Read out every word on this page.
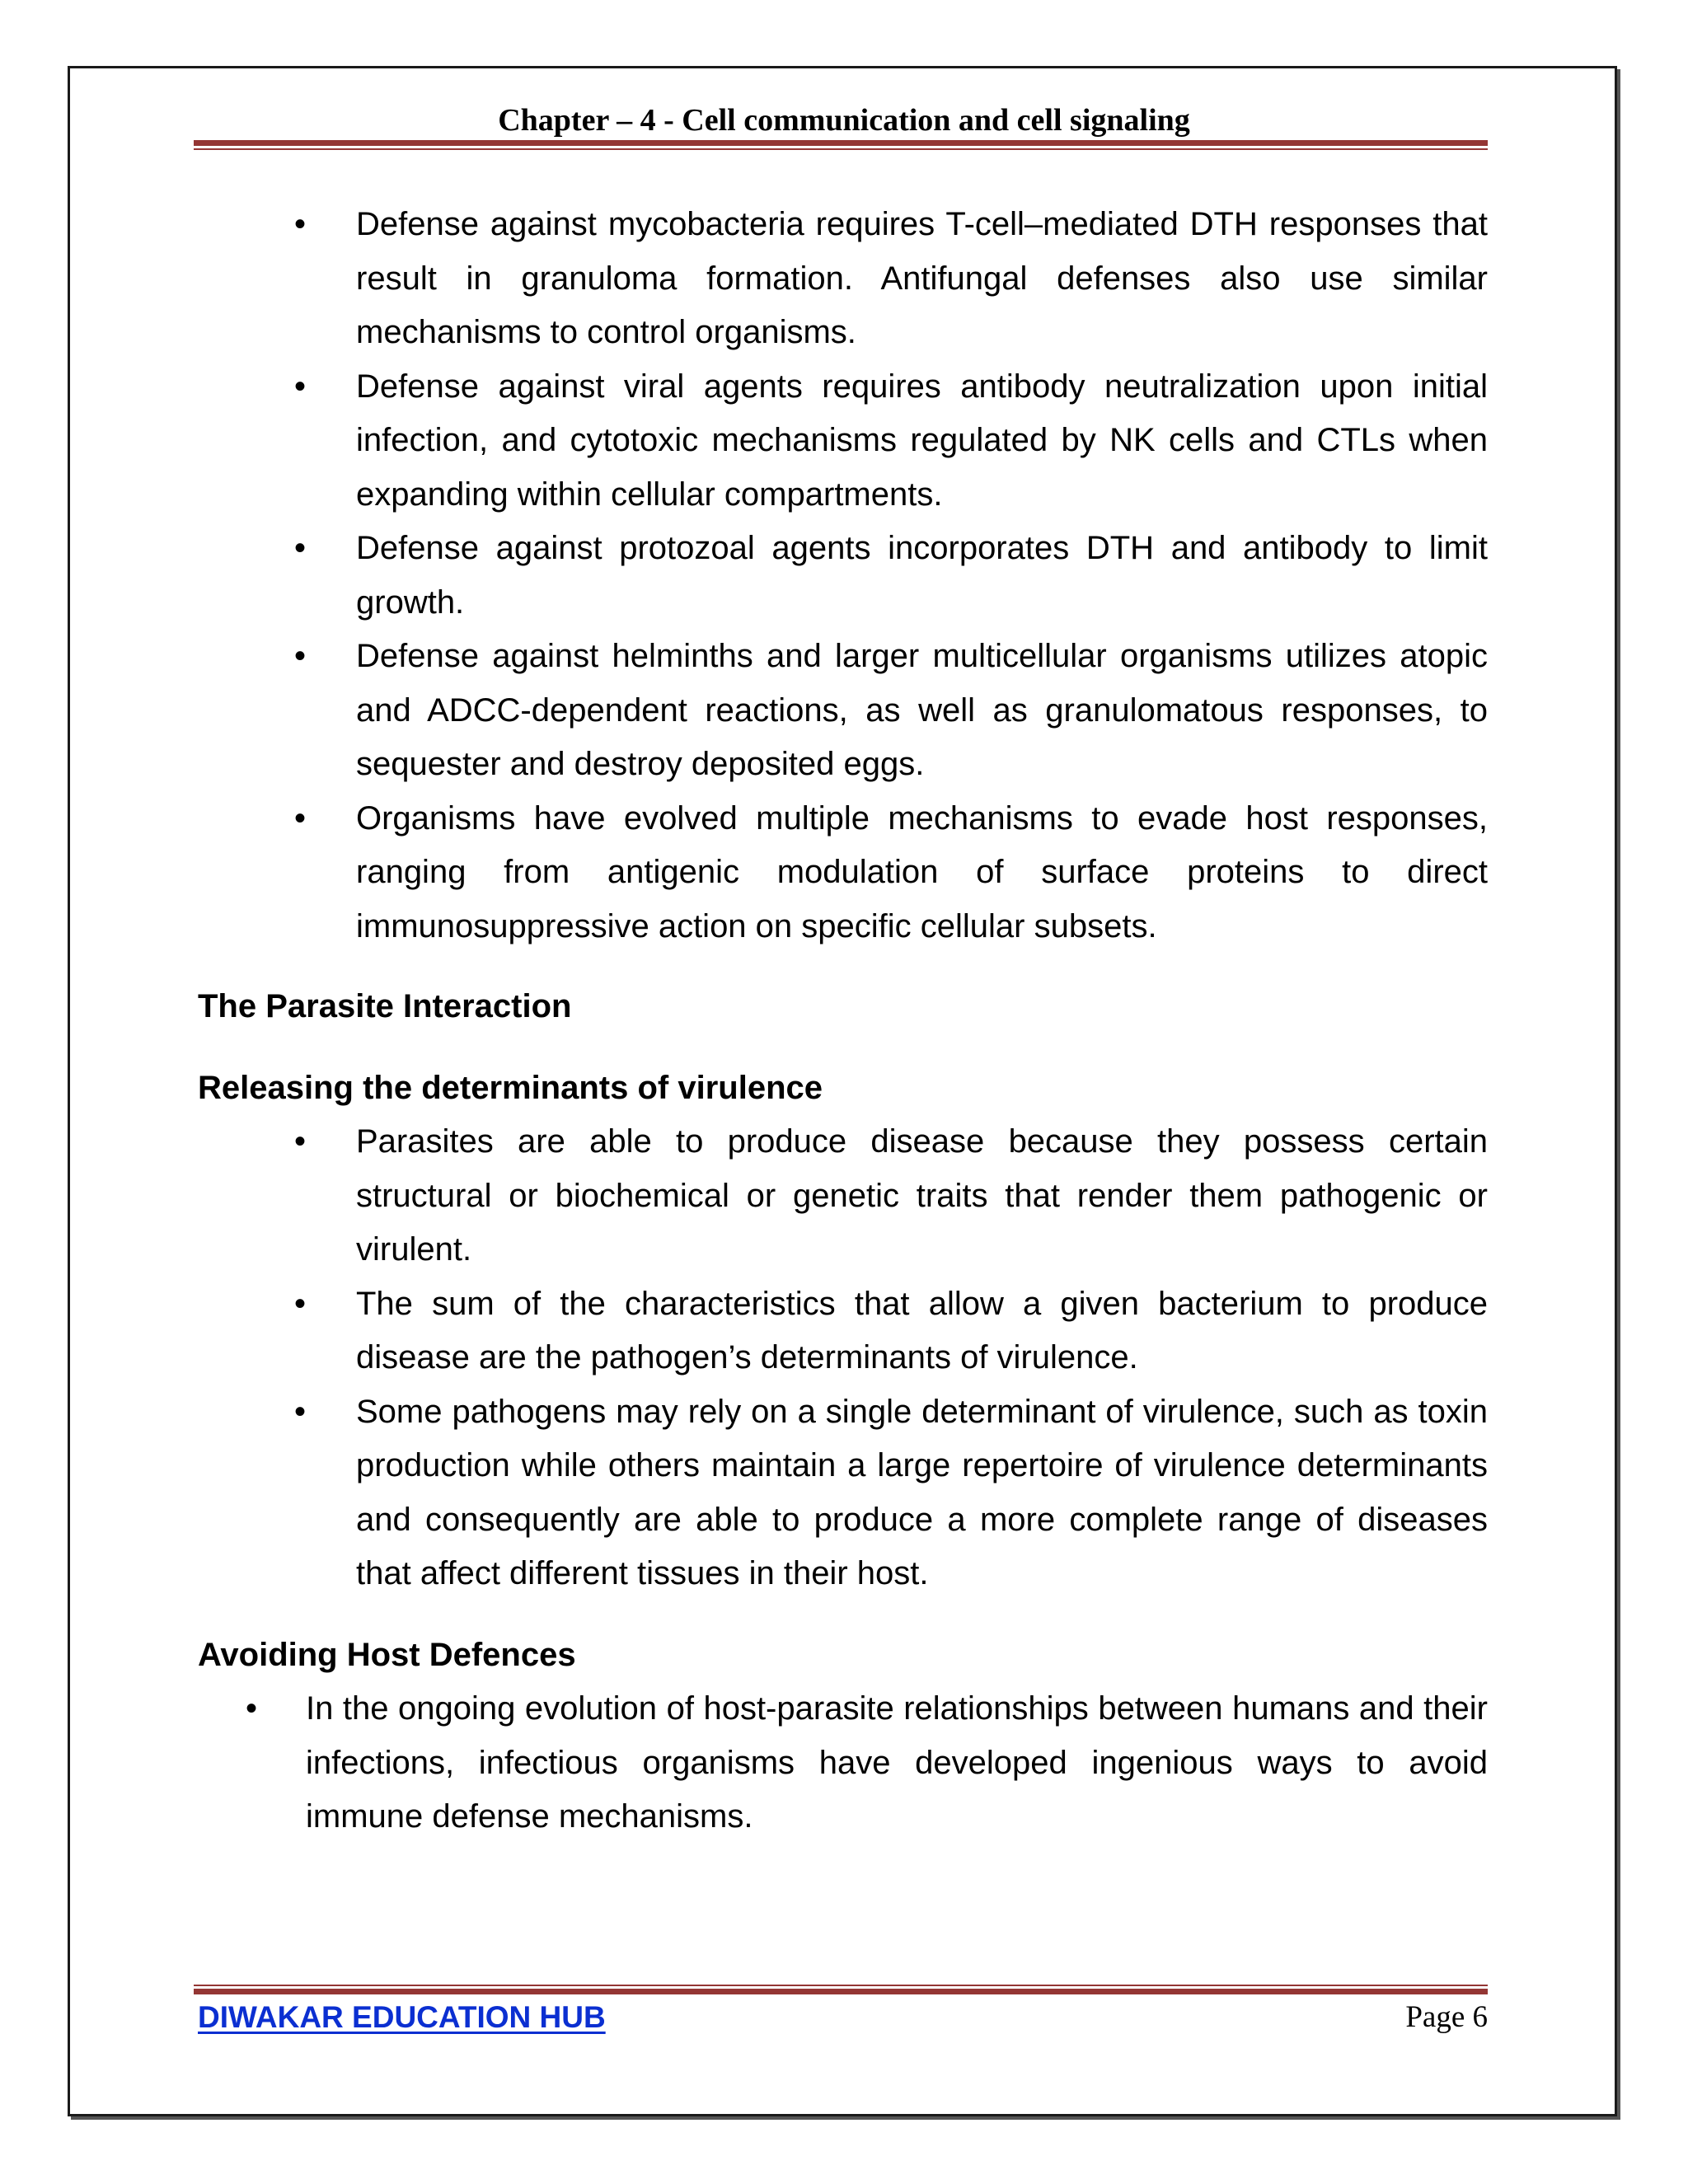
Chapter – 4 - Cell communication and cell signaling
• Defense against mycobacteria requires T-cell–mediated DTH responses that result in granuloma formation. Antifungal defenses also use similar mechanisms to control organisms.
• Defense against viral agents requires antibody neutralization upon initial infection, and cytotoxic mechanisms regulated by NK cells and CTLs when expanding within cellular compartments.
• Defense against protozoal agents incorporates DTH and antibody to limit growth.
• Defense against helminths and larger multicellular organisms utilizes atopic and ADCC-dependent reactions, as well as granulomatous responses, to sequester and destroy deposited eggs.
• Organisms have evolved multiple mechanisms to evade host responses, ranging from antigenic modulation of surface proteins to direct immunosuppressive action on specific cellular subsets.

The Parasite Interaction

Releasing the determinants of virulence

• Parasites are able to produce disease because they possess certain structural or biochemical or genetic traits that render them pathogenic or virulent.
• The sum of the characteristics that allow a given bacterium to produce disease are the pathogen’s determinants of virulence.
• Some pathogens may rely on a single determinant of virulence, such as toxin production while others maintain a large repertoire of virulence determinants and consequently are able to produce a more complete range of diseases that affect different tissues in their host.

Avoiding Host Defences

• In the ongoing evolution of host-parasite relationships between humans and their infections, infectious organisms have developed ingenious ways to avoid immune defense mechanisms.
DIWAKAR EDUCATION HUB	Page 6
